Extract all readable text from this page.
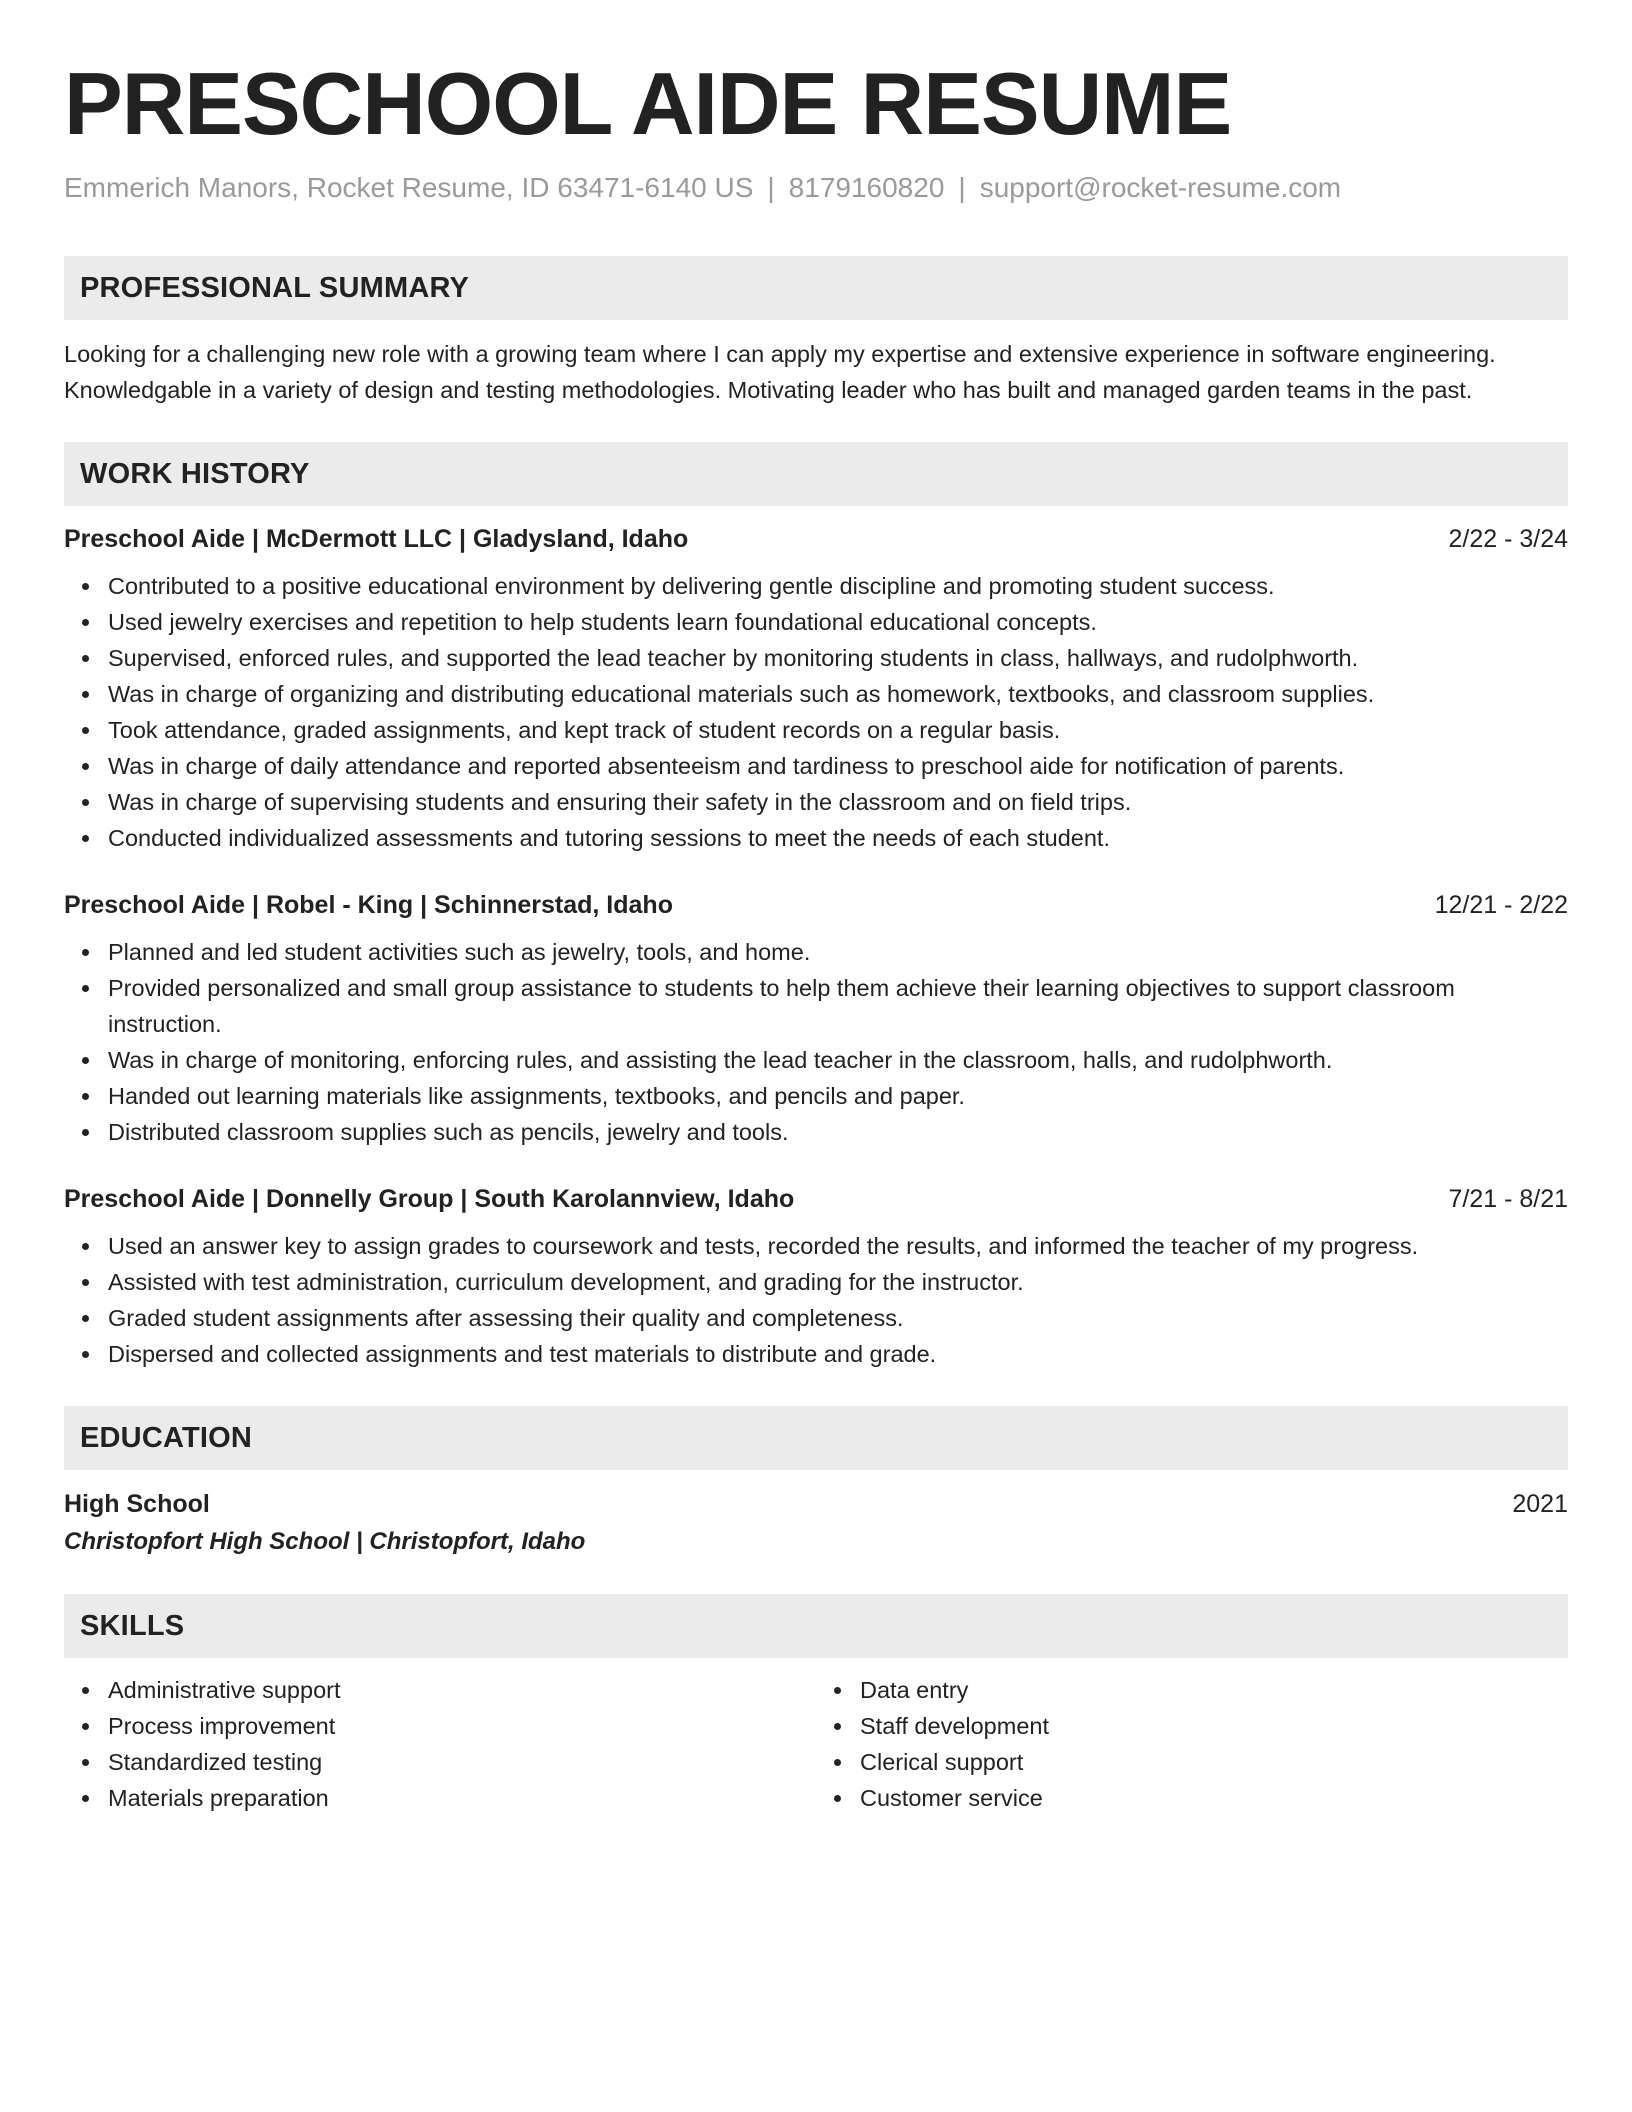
PRESCHOOL AIDE RESUME
Emmerich Manors, Rocket Resume, ID 63471-6140 US | 8179160820 | support@rocket-resume.com
PROFESSIONAL SUMMARY
Looking for a challenging new role with a growing team where I can apply my expertise and extensive experience in software engineering. Knowledgable in a variety of design and testing methodologies. Motivating leader who has built and managed garden teams in the past.
WORK HISTORY
Preschool Aide | McDermott LLC | Gladysland, Idaho	2/22 - 3/24
Contributed to a positive educational environment by delivering gentle discipline and promoting student success.
Used jewelry exercises and repetition to help students learn foundational educational concepts.
Supervised, enforced rules, and supported the lead teacher by monitoring students in class, hallways, and rudolphworth.
Was in charge of organizing and distributing educational materials such as homework, textbooks, and classroom supplies.
Took attendance, graded assignments, and kept track of student records on a regular basis.
Was in charge of daily attendance and reported absenteeism and tardiness to preschool aide for notification of parents.
Was in charge of supervising students and ensuring their safety in the classroom and on field trips.
Conducted individualized assessments and tutoring sessions to meet the needs of each student.
Preschool Aide | Robel - King | Schinnerstad, Idaho	12/21 - 2/22
Planned and led student activities such as jewelry, tools, and home.
Provided personalized and small group assistance to students to help them achieve their learning objectives to support classroom instruction.
Was in charge of monitoring, enforcing rules, and assisting the lead teacher in the classroom, halls, and rudolphworth.
Handed out learning materials like assignments, textbooks, and pencils and paper.
Distributed classroom supplies such as pencils, jewelry and tools.
Preschool Aide | Donnelly Group | South Karolannview, Idaho	7/21 - 8/21
Used an answer key to assign grades to coursework and tests, recorded the results, and informed the teacher of my progress.
Assisted with test administration, curriculum development, and grading for the instructor.
Graded student assignments after assessing their quality and completeness.
Dispersed and collected assignments and test materials to distribute and grade.
EDUCATION
High School	2021
Christopfort High School | Christopfort, Idaho
SKILLS
Administrative support
Process improvement
Standardized testing
Materials preparation
Data entry
Staff development
Clerical support
Customer service
